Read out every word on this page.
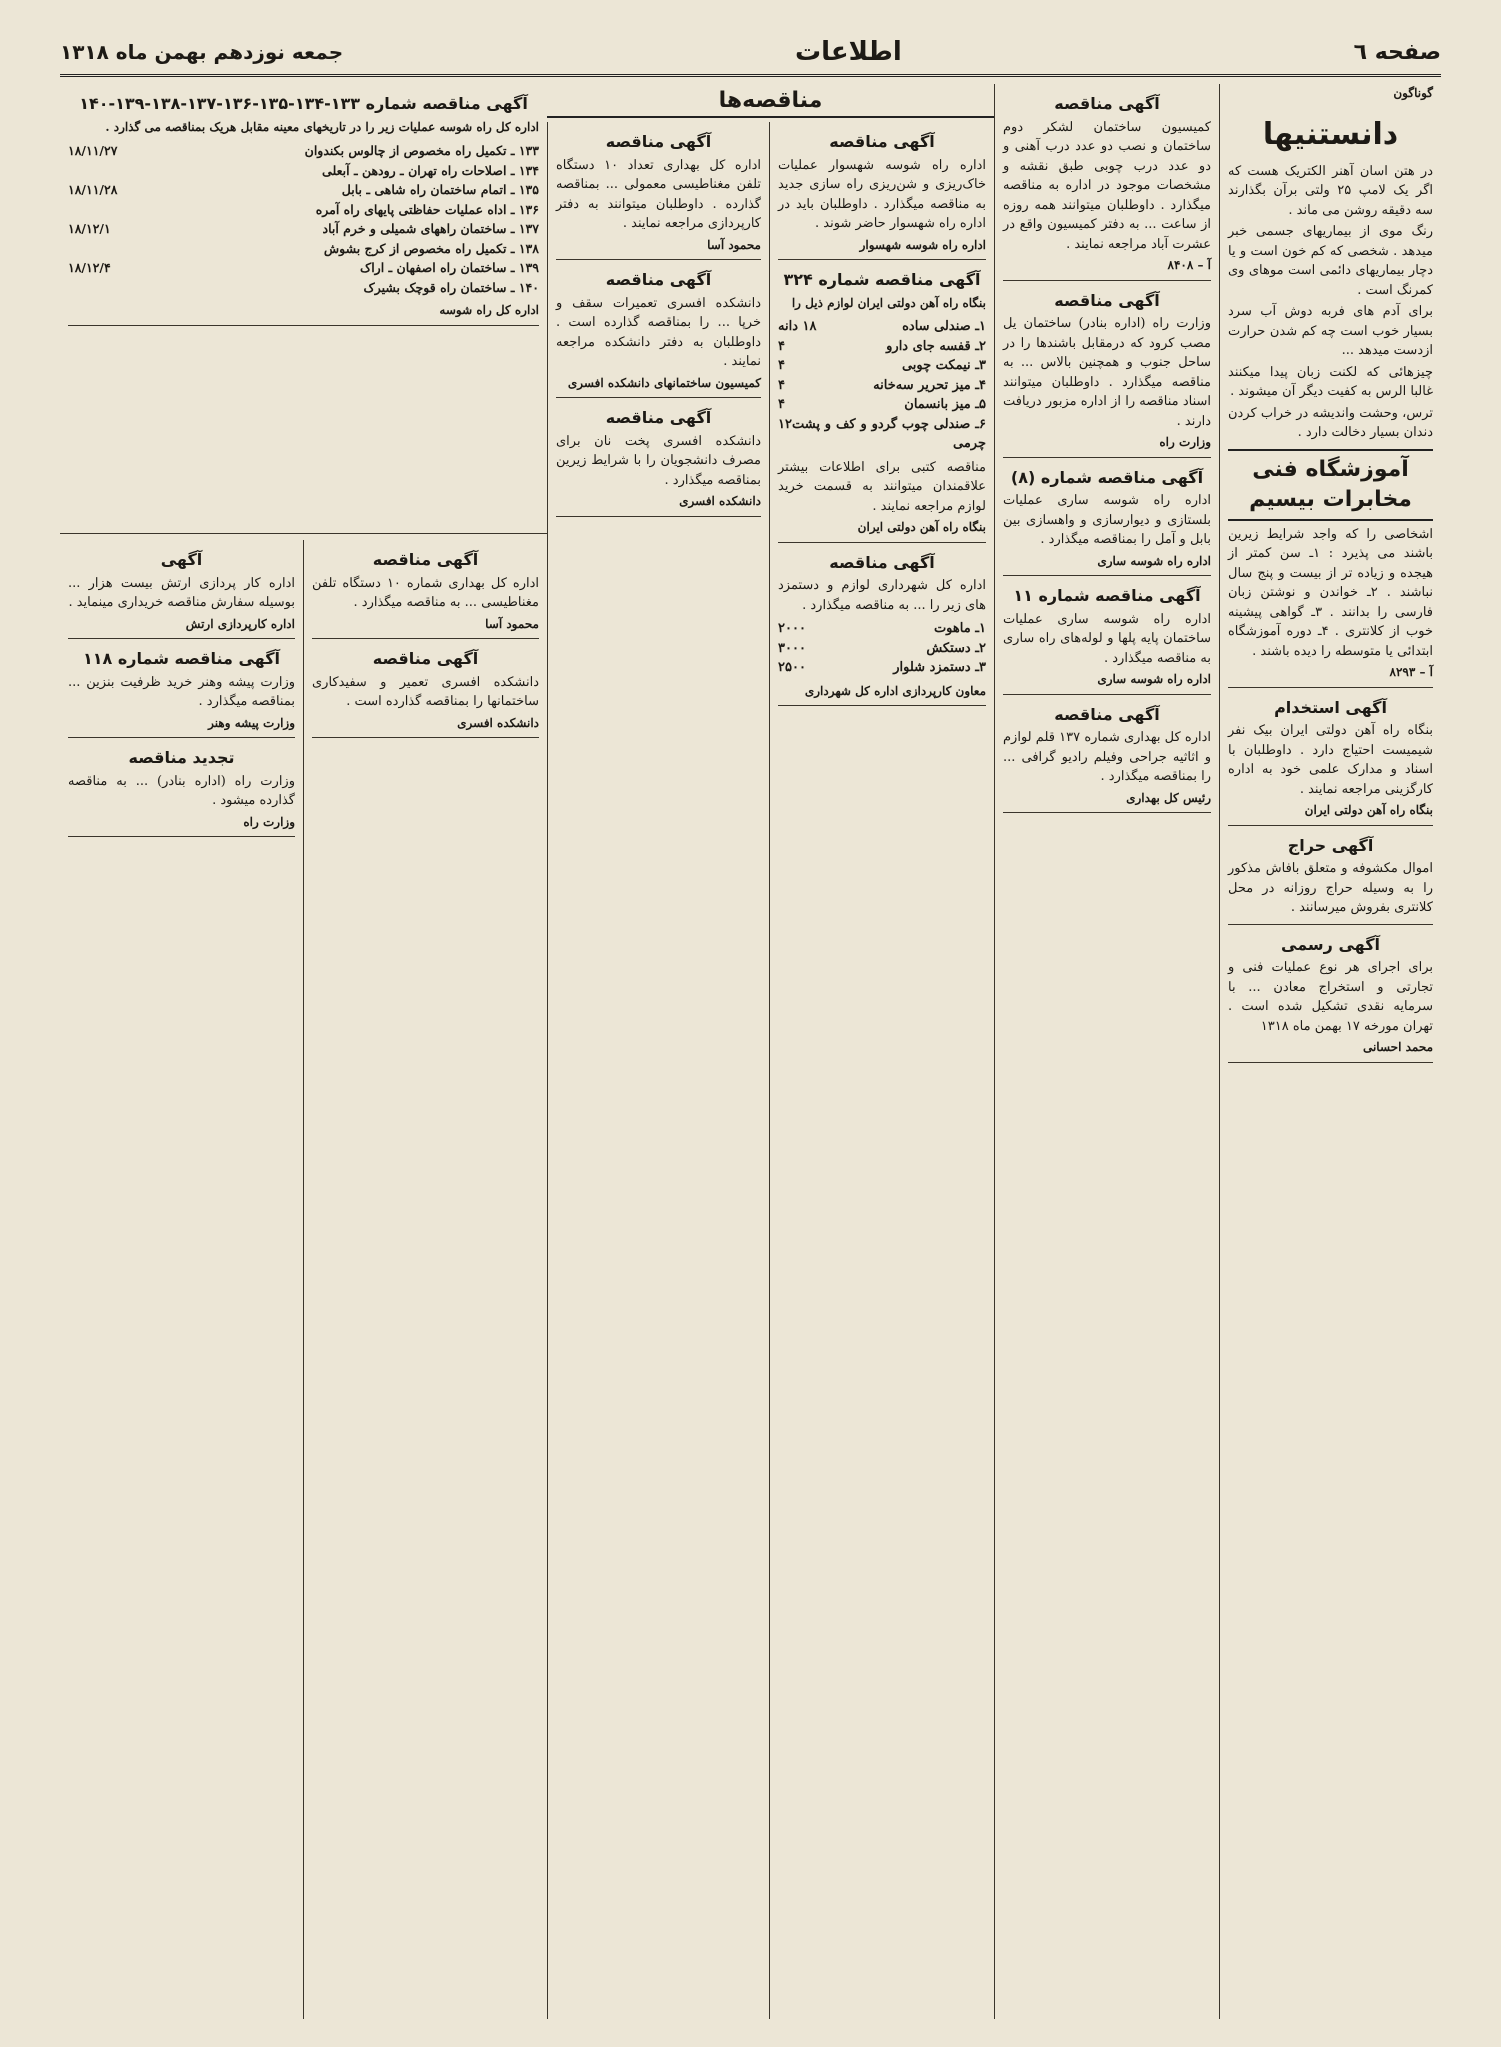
صفحه ٦
اطلاعات
جمعه نوزدهم بهمن ماه ۱۳۱۸
گوناگون
دانستنیها

در هتن اسان آهنر الکتریک هست که اگر یک لامپ ۲۵ ولتی برآن بگذارند سه دقیقه روشن می ماند .

رنگ موی از بیماریهای جسمی خبر میدهد . شخصی که کم خون است و یا دچار بیماریهای دائمی است موهای وی کمرنگ است .

برای آدم های فربه دوش آب سرد بسیار خوب است چه کم شدن حرارت ازدست میدهد ...

چیزهائی که لکنت زبان پیدا میکنند غالبا الرس به کفیت دیگر آن میشوند .

ترس، وحشت واندیشه در خراب کردن دندان بسیار دخالت دارد .

آموزشگاه فنی مخابرات بیسیم

اشخاصی را که واجد شرایط زیرین باشند می پذیرد : ۱ـ سن کمتر از هیجده و زیاده تر از بیست و پنج سال نباشند . ۲ـ خواندن و نوشتن زبان فارسی را بدانند . ۳ـ گواهی پیشینه خوب از کلانتری . ۴ـ دوره آموزشگاه ابتدائی یا متوسطه را دیده باشند .

آ – ۸۲۹۳
آگهی استخدام

بنگاه راه آهن دولتی ایران بیک نفر شیمیست احتیاج دارد . داوطلبان با اسناد و مدارک علمی خود به اداره کارگزینی مراجعه نمایند .

بنگاه راه آهن دولتی ایران
آگهی حراج

اموال مکشوفه و متعلق بافاش مذکور را به وسیله حراج روزانه در محل کلانتری بفروش میرسانند .

آگهی رسمی

برای اجرای هر نوع عملیات فنی و تجارتی و استخراج معادن ... با سرمایه نقدی تشکیل شده است . تهران مورخه ۱۷ بهمن ماه ۱۳۱۸

محمد احسانی
مناقصه‌ها	آگهی مناقصه

کمیسیون ساختمان لشکر دوم ساختمان و نصب دو عدد درب آهنی و دو عدد درب چوبی طبق نقشه و مشخصات موجود در اداره به مناقصه میگذارد . داوطلبان میتوانند همه روزه از ساعت ... به دفتر کمیسیون واقع در عشرت آباد مراجعه نمایند .

آ – ۸۴۰۸
آگهی مناقصه

وزارت راه (اداره بنادر) ساختمان یل مصب کرود که درمقابل باشندها را در ساحل جنوب و همچنین بالاس ... به مناقصه میگذارد . داوطلبان میتوانند اسناد مناقصه را از اداره مزبور دریافت دارند .

وزارت راه
آگهی مناقصه شماره (۸)

اداره راه شوسه ساری عملیات بلستازی و دیوارسازی و واهسازی بین بابل و آمل را بمناقصه میگذارد .

اداره راه شوسه ساری
آگهی مناقصه شماره ۱۱

اداره راه شوسه ساری عملیات ساختمان پایه پلها و لوله‌های راه ساری به مناقصه میگذارد .

اداره راه شوسه ساری
آگهی مناقصه

اداره کل بهداری شماره ۱۳۷ قلم لوازم و اثاثیه جراحی وفیلم رادیو گرافی ... را بمناقصه میگذارد .

رئیس کل بهداری
آگهی مناقصه

اداره راه شوسه شهسوار عملیات خاک‌ریزی و شن‌ریزی راه سازی جدید به مناقصه میگذارد . داوطلبان باید در اداره راه شهسوار حاضر شوند .

اداره راه شوسه شهسوار
آگهی مناقصه شماره ۳۲۴

بنگاه راه آهن دولتی ایران لوازم ذیل را

۱ـ صندلی ساده
۱۸ دانه
۲ـ قفسه جای دارو
۴
۳ـ نیمکت چوبی
۴
۴ـ میز تحریر سه‌خانه
۴
۵ـ میز بانسمان
۴
۶ـ صندلی چوب گردو و کف و پشت چرمی
۱۲

مناقصه کتبی برای اطلاعات بیشتر علاقمندان میتوانند به قسمت خرید لوازم مراجعه نمایند .

بنگاه راه آهن دولتی ایران
آگهی مناقصه

اداره کل شهرداری لوازم و دستمزد های زیر را ... به مناقصه میگذارد .

۱ـ ماهوت
۲۰۰۰
۲ـ دستکش
۳۰۰۰
۳ـ دستمزد شلوار
۲۵۰۰
معاون کارپردازی اداره کل شهرداری
آگهی مناقصه

اداره کل بهداری تعداد ۱۰ دستگاه تلفن مغناطیسی معمولی ... بمناقصه گذارده . داوطلبان میتوانند به دفتر کارپردازی مراجعه نمایند .

محمود آسا
آگهی مناقصه

دانشکده افسری تعمیرات سقف و خرپا ... را بمناقصه گذارده است . داوطلبان به دفتر دانشکده مراجعه نمایند .

کمیسیون ساختمانهای دانشکده افسری
آگهی مناقصه

دانشکده افسری پخت نان برای مصرف دانشجویان را با شرایط زیرین بمناقصه میگذارد .

دانشکده افسری
آگهی مناقصه شماره ۱۳۳-۱۳۴-۱۳۵-۱۳۶-۱۳۷-۱۳۸-۱۳۹-۱۴۰

اداره کل راه شوسه عملیات زیر را در تاریخهای معینه مقابل هریک بمناقصه می گذارد .

۱۳۳ ـ تکمیل راه مخصوص از چالوس بکندوان
۱۸/۱۱/۲۷
۱۳۴ ـ اصلاحات راه تهران ـ رودهن ـ آبعلی
۱۳۵ ـ اتمام ساختمان راه شاهی ـ بابل
۱۸/۱۱/۲۸
۱۳۶ ـ اداه عملیات حفاظتی پایهای راه آمره
۱۳۷ ـ ساختمان راههای شمیلی و خرم آباد
۱۸/۱۲/۱
۱۳۸ ـ تکمیل راه مخصوص از کرج بشوش
۱۳۹ ـ ساختمان راه اصفهان ـ اراک
۱۸/۱۲/۴
۱۴۰ ـ ساختمان راه قوچک بشیرک
اداره کل راه شوسه
آگهی مناقصه

اداره کل بهداری شماره ۱۰ دستگاه تلفن مغناطیسی ... به مناقصه میگذارد .

محمود آسا
آگهی مناقصه

دانشکده افسری تعمیر و سفیدکاری ساختمانها را بمناقصه گذارده است .

دانشکده افسری
آگهی

اداره کار پردازی ارتش بیست هزار ... بوسیله سفارش مناقصه خریداری مینماید .

اداره کارپردازی ارتش
آگهی مناقصه شماره ۱۱۸

وزارت پیشه وهنر خرید ظرفیت بنزین ... بمناقصه میگذارد .

وزارت پیشه وهنر
تجدید مناقصه

وزارت راه (اداره بنادر) ... به مناقصه گذارده میشود .

وزارت راه
